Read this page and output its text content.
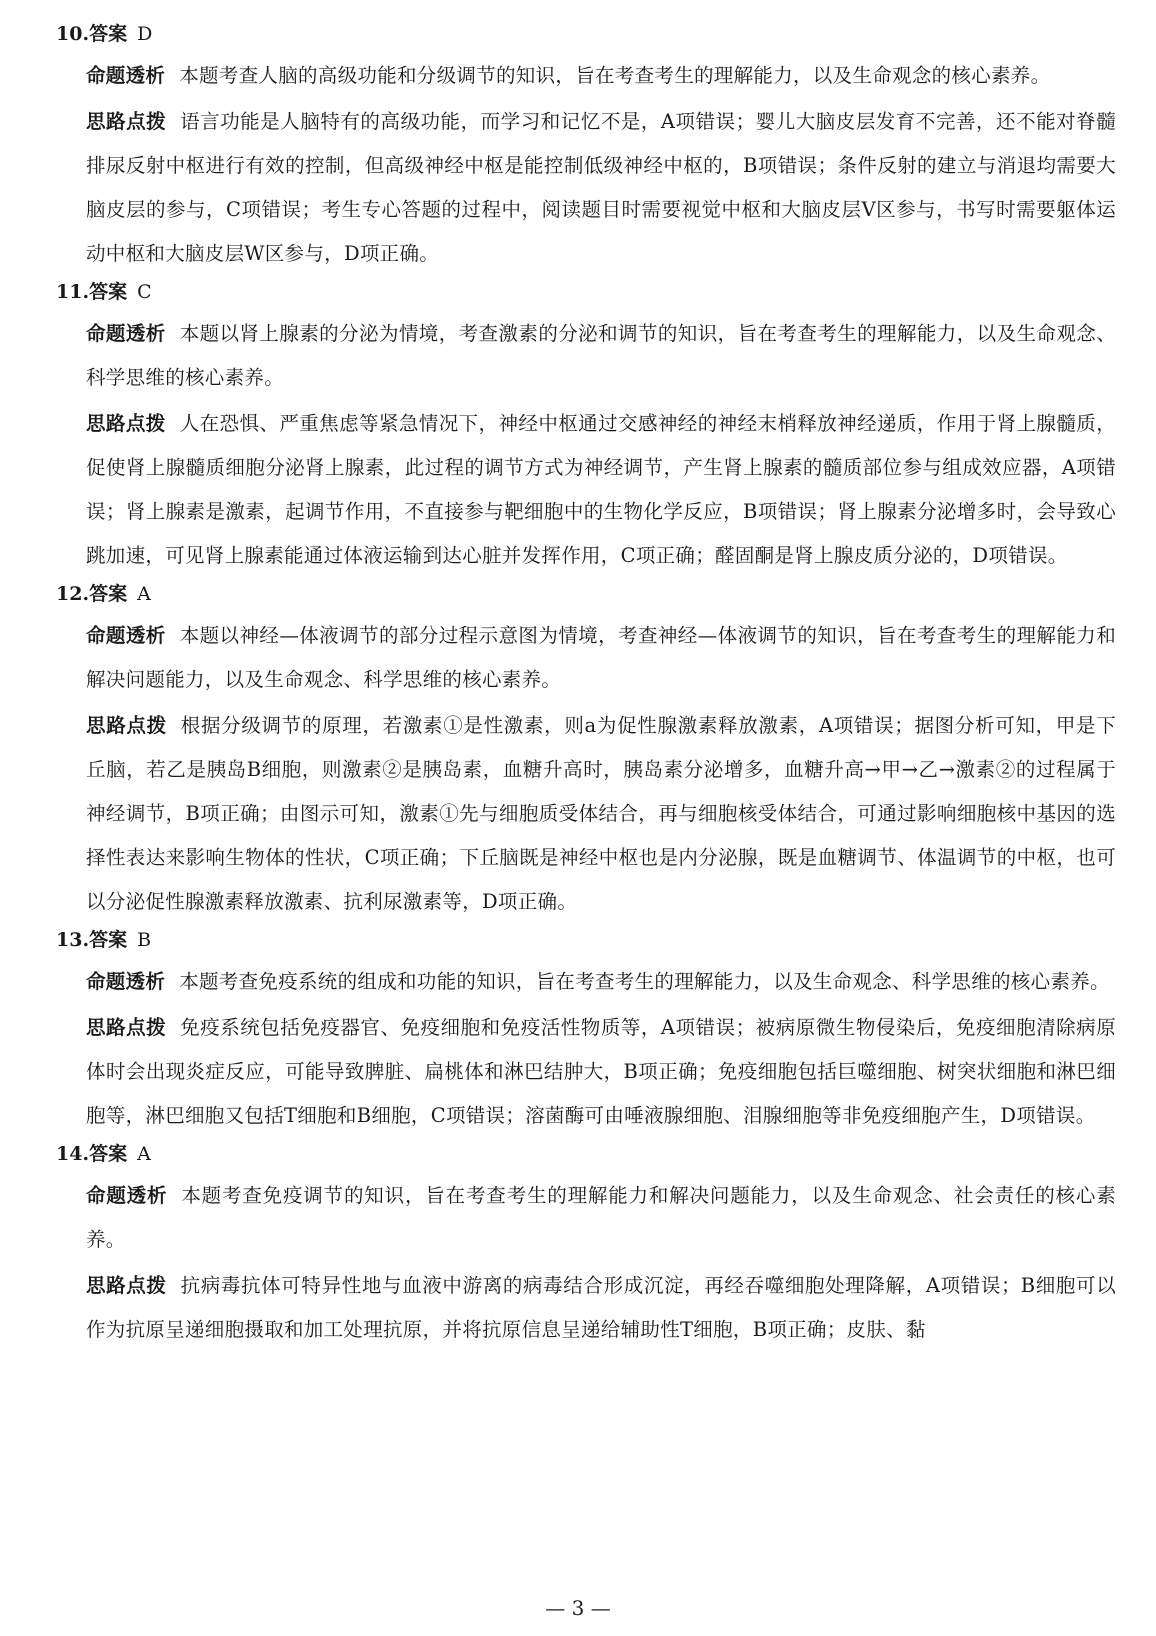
10.答案 D

命题透析 本题考查人脑的高级功能和分级调节的知识，旨在考查考生的理解能力，以及生命观念的核心素养。

思路点拨 语言功能是人脑特有的高级功能，而学习和记忆不是，A项错误；婴儿大脑皮层发育不完善，还不能对脊髓排尿反射中枢进行有效的控制，但高级神经中枢是能控制低级神经中枢的，B项错误；条件反射的建立与消退均需要大脑皮层的参与，C项错误；考生专心答题的过程中，阅读题目时需要视觉中枢和大脑皮层V区参与，书写时需要躯体运动中枢和大脑皮层W区参与，D项正确。

11.答案 C

命题透析 本题以肾上腺素的分泌为情境，考查激素的分泌和调节的知识，旨在考查考生的理解能力，以及生命观念、科学思维的核心素养。

思路点拨 人在恐惧、严重焦虑等紧急情况下，神经中枢通过交感神经的神经末梢释放神经递质，作用于肾上腺髓质，促使肾上腺髓质细胞分泌肾上腺素，此过程的调节方式为神经调节，产生肾上腺素的髓质部位参与组成效应器，A项错误；肾上腺素是激素，起调节作用，不直接参与靶细胞中的生物化学反应，B项错误；肾上腺素分泌增多时，会导致心跳加速，可见肾上腺素能通过体液运输到达心脏并发挥作用，C项正确；醛固酮是肾上腺皮质分泌的，D项错误。

12.答案 A

命题透析 本题以神经—体液调节的部分过程示意图为情境，考查神经—体液调节的知识，旨在考查考生的理解能力和解决问题能力，以及生命观念、科学思维的核心素养。

思路点拨 根据分级调节的原理，若激素①是性激素，则a为促性腺激素释放激素，A项错误；据图分析可知，甲是下丘脑，若乙是胰岛B细胞，则激素②是胰岛素，血糖升高时，胰岛素分泌增多，血糖升高→甲→乙→激素②的过程属于神经调节，B项正确；由图示可知，激素①先与细胞质受体结合，再与细胞核受体结合，可通过影响细胞核中基因的选择性表达来影响生物体的性状，C项正确；下丘脑既是神经中枢也是内分泌腺，既是血糖调节、体温调节的中枢，也可以分泌促性腺激素释放激素、抗利尿激素等，D项正确。

13.答案 B

命题透析 本题考查免疫系统的组成和功能的知识，旨在考查考生的理解能力，以及生命观念、科学思维的核心素养。

思路点拨 免疫系统包括免疫器官、免疫细胞和免疫活性物质等，A项错误；被病原微生物侵染后，免疫细胞清除病原体时会出现炎症反应，可能导致脾脏、扁桃体和淋巴结肿大，B项正确；免疫细胞包括巨噬细胞、树突状细胞和淋巴细胞等，淋巴细胞又包括T细胞和B细胞，C项错误；溶菌酶可由唾液腺细胞、泪腺细胞等非免疫细胞产生，D项错误。

14.答案 A

命题透析 本题考查免疫调节的知识，旨在考查考生的理解能力和解决问题能力，以及生命观念、社会责任的核心素养。

思路点拨 抗病毒抗体可特异性地与血液中游离的病毒结合形成沉淀，再经吞噬细胞处理降解，A项错误；B细胞可以作为抗原呈递细胞摄取和加工处理抗原，并将抗原信息呈递给辅助性T细胞，B项正确；皮肤、黏

— 3 —
